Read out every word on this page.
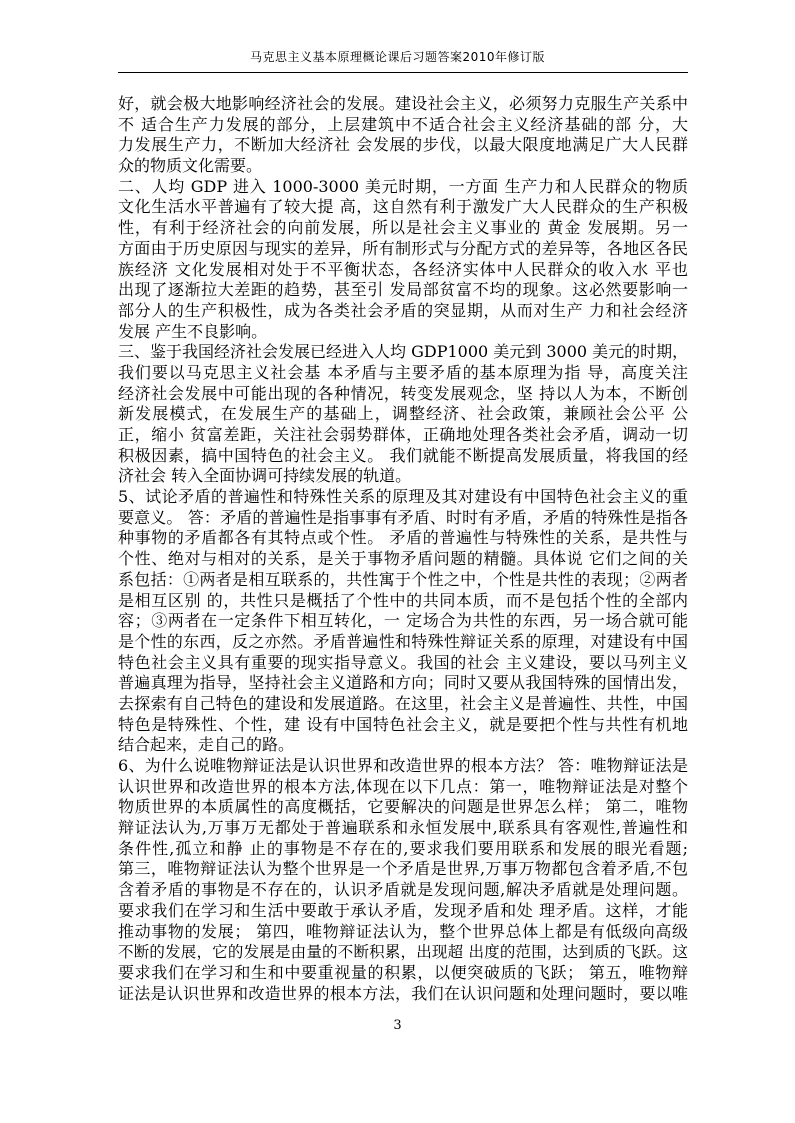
马克思主义基本原理概论课后习题答案2010年修订版
好，就会极大地影响经济社会的发展。建设社会主义，必须努力克服生产关系中
不 适合生产力发展的部分，上层建筑中不适合社会主义经济基础的部 分，大
力发展生产力，不断加大经济社 会发展的步伐，以最大限度地满足广大人民群
众的物质文化需要。
二、人均 GDP 进入 1000-3000 美元时期，一方面 生产力和人民群众的物质
文化生活水平普遍有了较大提 高，这自然有利于激发广大人民群众的生产积极
性，有利于经济社会的向前发展，所以是社会主义事业的 黄金 发展期。另一
方面由于历史原因与现实的差异，所有制形式与分配方式的差异等，各地区各民
族经济 文化发展相对处于不平衡状态，各经济实体中人民群众的收入水 平也
出现了逐渐拉大差距的趋势，甚至引 发局部贫富不均的现象。这必然要影响一
部分人的生产积极性，成为各类社会矛盾的突显期，从而对生产 力和社会经济
发展 产生不良影响。
三、鉴于我国经济社会发展已经进入人均 GDP1000 美元到 3000 美元的时期，
我们要以马克思主义社会基 本矛盾与主要矛盾的基本原理为指 导，高度关注
经济社会发展中可能出现的各种情况，转变发展观念，坚 持以人为本，不断创
新发展模式，在发展生产的基础上，调整经济、社会政策，兼顾社会公平 公
正，缩小 贫富差距，关注社会弱势群体，正确地处理各类社会矛盾，调动一切
积极因素，搞中国特色的社会主义。 我们就能不断提高发展质量，将我国的经
济社会 转入全面协调可持续发展的轨道。
5、试论矛盾的普遍性和特殊性关系的原理及其对建设有中国特色社会主义的重
要意义。 答：矛盾的普遍性是指事事有矛盾、时时有矛盾，矛盾的特殊性是指各
种事物的矛盾都各有其特点或个性。 矛盾的普遍性与特殊性的关系，是共性与
个性、绝对与相对的关系，是关于事物矛盾问题的精髓。具体说 它们之间的关
系包括：①两者是相互联系的，共性寓于个性之中，个性是共性的表现；②两者
是相互区别 的，共性只是概括了个性中的共同本质，而不是包括个性的全部内
容；③两者在一定条件下相互转化，一 定场合为共性的东西，另一场合就可能
是个性的东西，反之亦然。矛盾普遍性和特殊性辩证关系的原理，对建设有中国
特色社会主义具有重要的现实指导意义。我国的社会 主义建设，要以马列主义
普遍真理为指导，坚持社会主义道路和方向；同时又要从我国特殊的国情出发，
去探索有自己特色的建设和发展道路。在这里，社会主义是普遍性、共性，中国
特色是特殊性、个性，建 设有中国特色社会主义，就是要把个性与共性有机地
结合起来，走自己的路。
6、为什么说唯物辩证法是认识世界和改造世界的根本方法？ 答：唯物辩证法是
认识世界和改造世界的根本方法,体现在以下几点：第一，唯物辩证法是对整个
物质世界的本质属性的高度概括，它要解决的问题是世界怎么样； 第二，唯物
辩证法认为,万事万无都处于普遍联系和永恒发展中,联系具有客观性,普遍性和
条件性,孤立和静 止的事物是不存在的,要求我们要用联系和发展的眼光看题;
第三，唯物辩证法认为整个世界是一个矛盾是世界,万事万物都包含着矛盾,不包
含着矛盾的事物是不存在的，认识矛盾就是发现问题,解决矛盾就是处理问题。
要求我们在学习和生活中要敢于承认矛盾，发现矛盾和处 理矛盾。这样，才能
推动事物的发展； 第四，唯物辩证法认为，整个世界总体上都是有低级向高级
不断的发展，它的发展是由量的不断积累，出现超 出度的范围，达到质的飞跃。这
要求我们在学习和生和中要重视量的积累，以便突破质的飞跃； 第五，唯物辩
证法是认识世界和改造世界的根本方法，我们在认识问题和处理问题时，要以唯
3
